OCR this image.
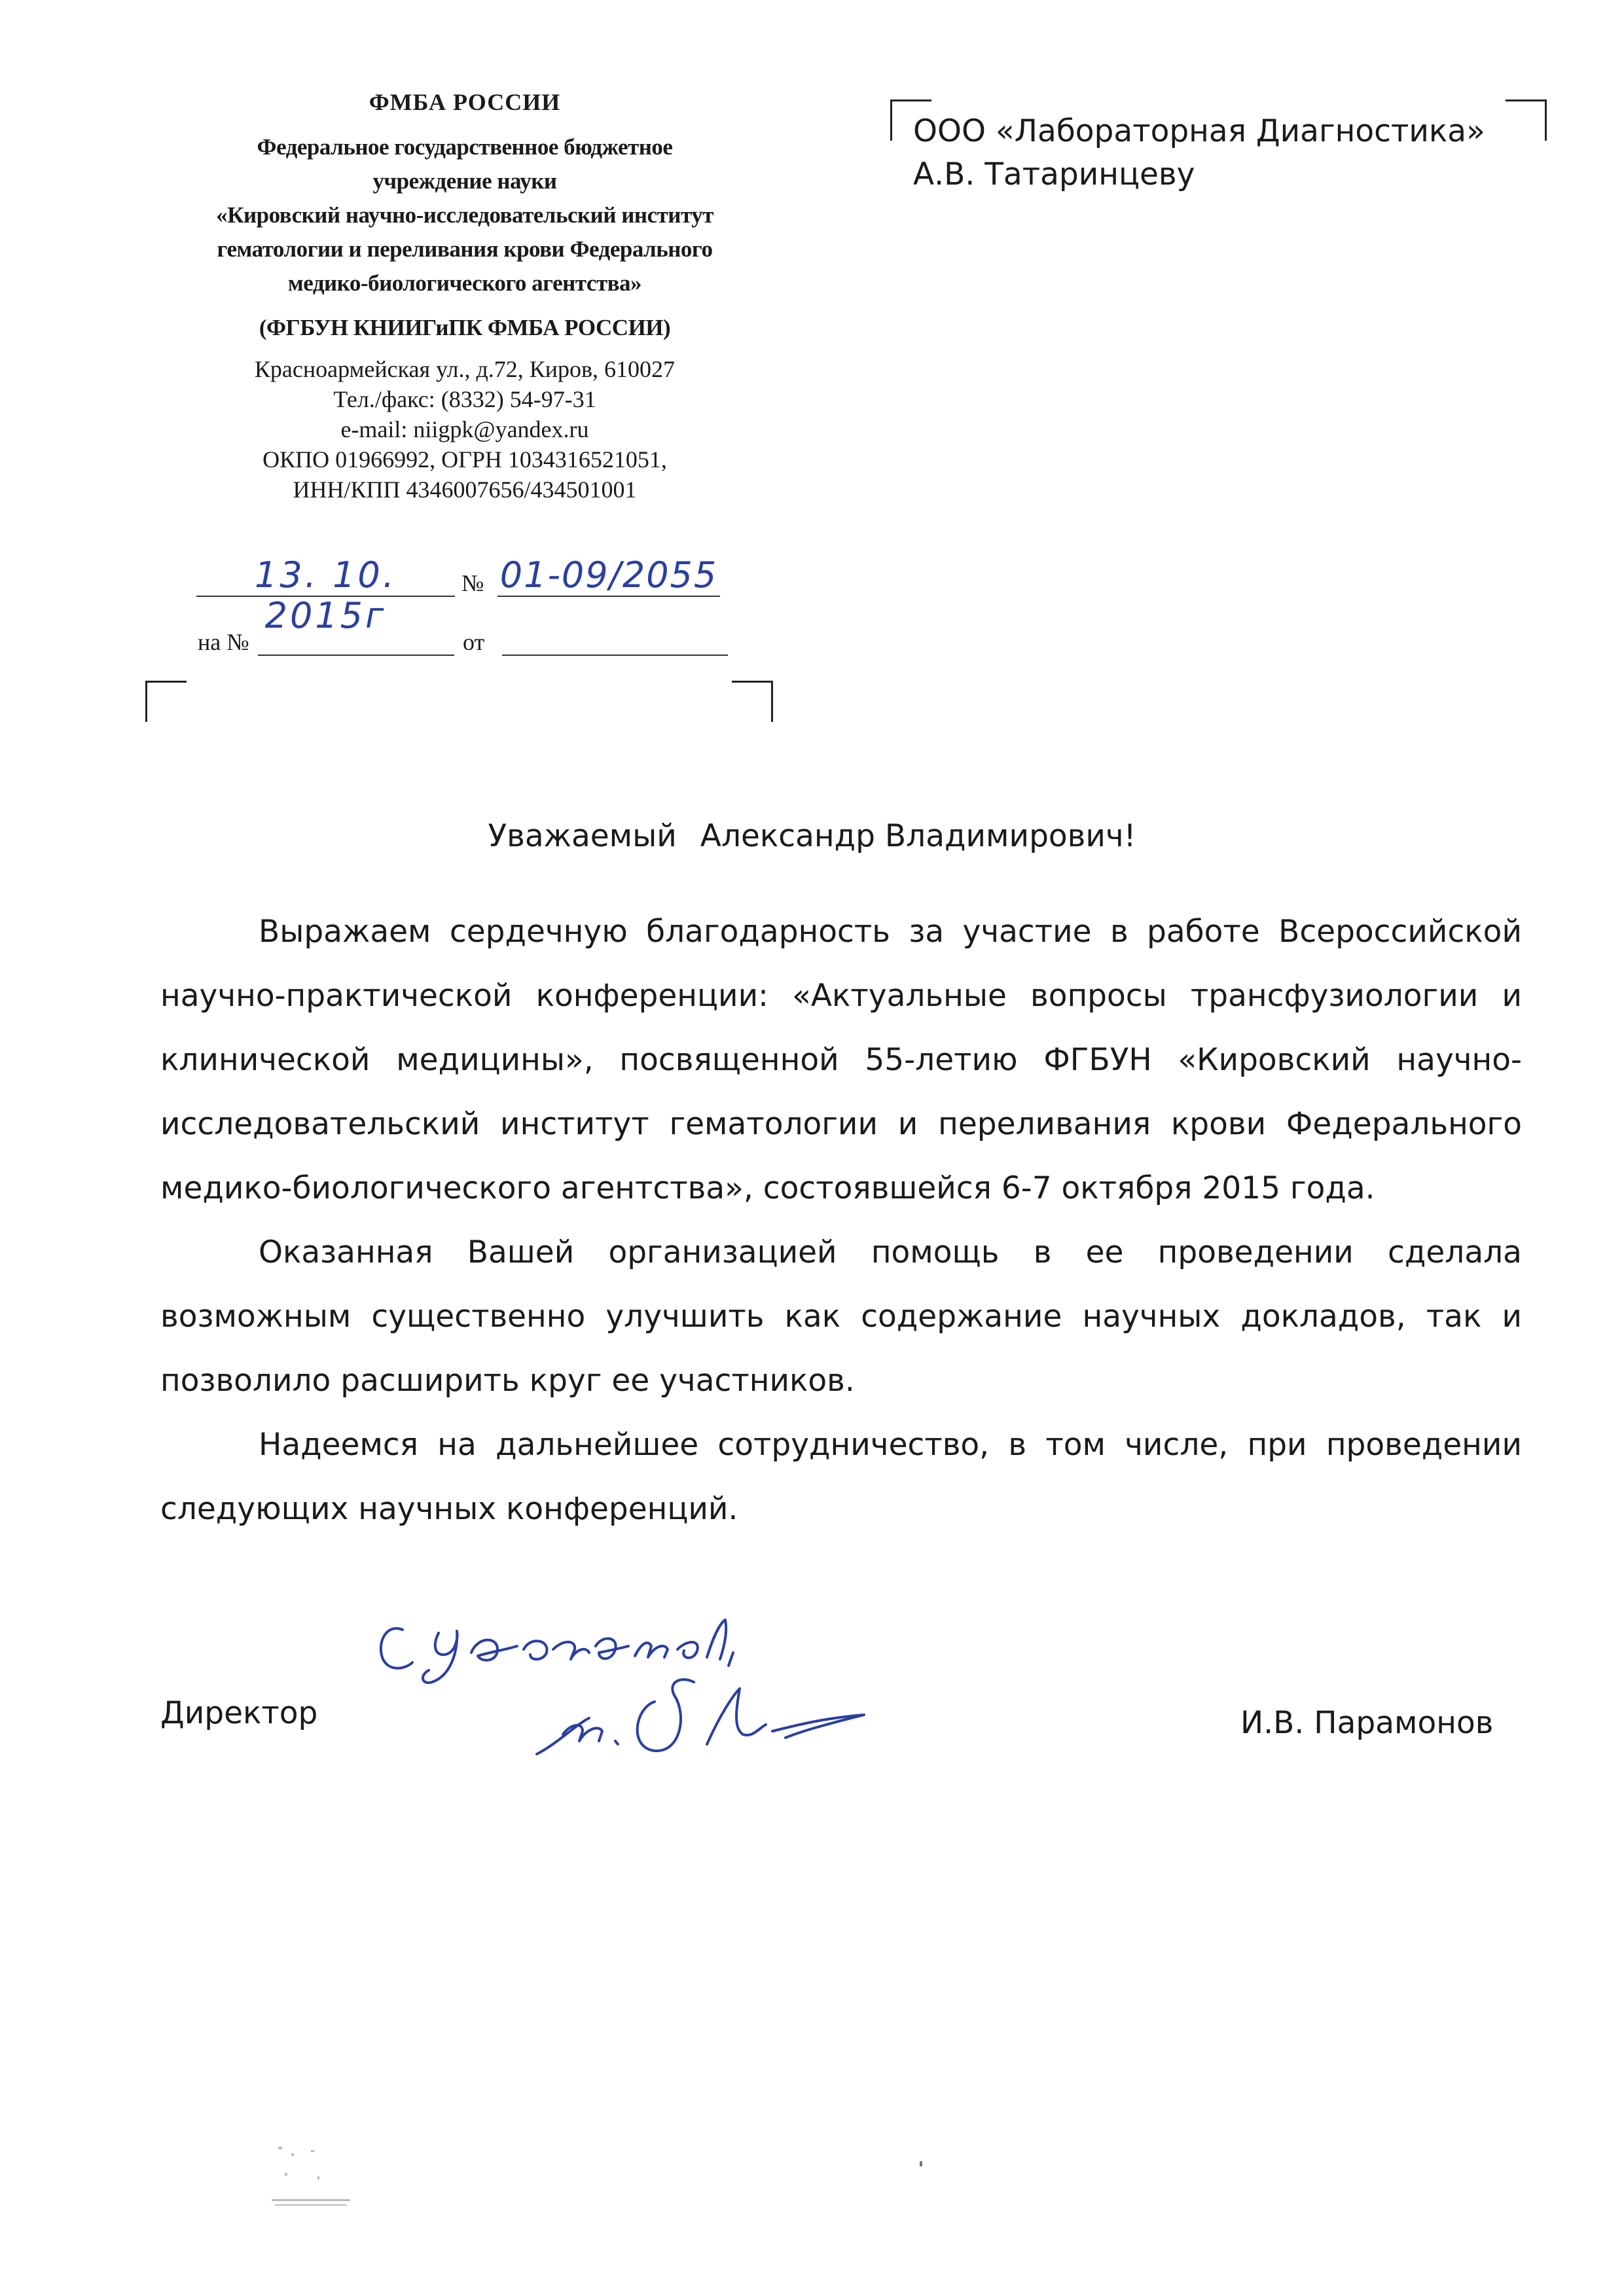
ФМБА РОССИИ
Федеральное государственное бюджетное
учреждение науки
«Кировский научно-исследовательский институт
гематологии и переливания крови Федерального
медико-биологического агентства»
(ФГБУН КНИИГиПК ФМБА РОССИИ)
Красноармейская ул., д.72, Киров, 610027
Тел./факс: (8332) 54-97-31
e-mail: niigpk@yandex.ru
ОКПО 01966992, ОГРН 1034316521051,
ИНН/КПП 4346007656/434501001
13. 10. 2015г
№ 01-09/2055
на №	от
ООО «Лабораторная Диагностика»
А.В. Татаринцеву
Уважаемый Александр Владимирович!

Выражаем сердечную благодарность за участие в работе Всероссийской научно-практической конференции: «Актуальные вопросы трансфузиологии и клинической медицины», посвященной 55-летию ФГБУН «Кировский научно-исследовательский институт гематологии и переливания крови Федерального медико-биологического агентства», состоявшейся 6-7 октября 2015 года.

Оказанная Вашей организацией помощь в ее проведении сделала возможным существенно улучшить как содержание научных докладов, так и позволило расширить круг ее участников.

Надеемся на дальнейшее сотрудничество, в том числе, при проведении следующих научных конференций.

Директор	И.В. Парамонов
